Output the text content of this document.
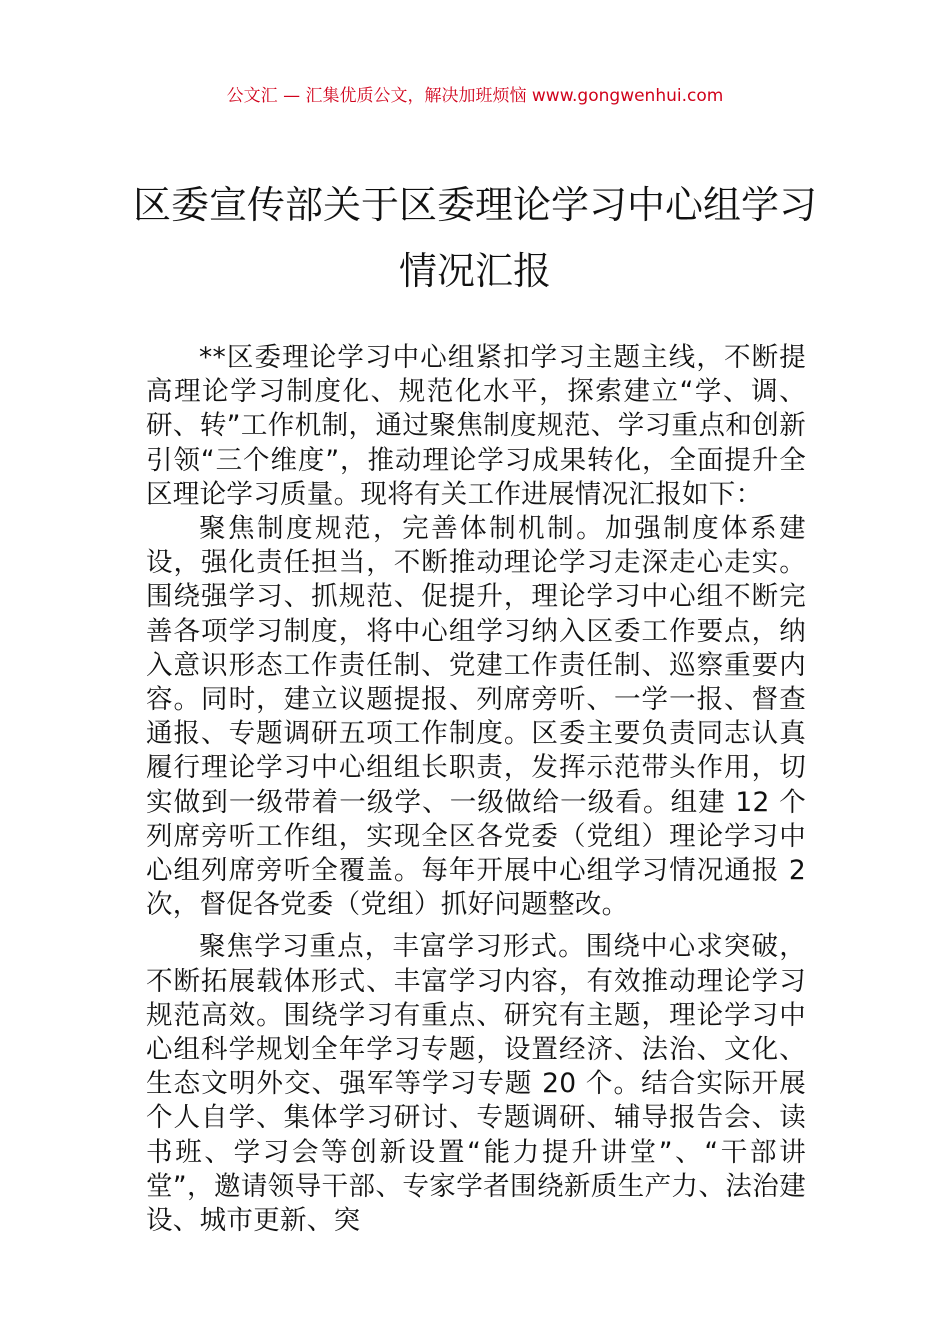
公文汇 — 汇集优质公文，解决加班烦恼 www.gongwenhui.com
区委宣传部关于区委理论学习中心组学习
情况汇报

**区委理论学习中心组紧扣学习主题主线，不断提高理论学习制度化、规范化水平，探索建立“学、调、研、转”工作机制，通过聚焦制度规范、学习重点和创新引领“三个维度”，推动理论学习成果转化，全面提升全区理论学习质量。现将有关工作进展情况汇报如下：

聚焦制度规范，完善体制机制。加强制度体系建设，强化责任担当，不断推动理论学习走深走心走实。围绕强学习、抓规范、促提升，理论学习中心组不断完善各项学习制度，将中心组学习纳入区委工作要点，纳入意识形态工作责任制、党建工作责任制、巡察重要内容。同时，建立议题提报、列席旁听、一学一报、督查通报、专题调研五项工作制度。区委主要负责同志认真履行理论学习中心组组长职责，发挥示范带头作用，切实做到一级带着一级学、一级做给一级看。组建 12 个列席旁听工作组，实现全区各党委（党组）理论学习中心组列席旁听全覆盖。每年开展中心组学习情况通报 2 次，督促各党委（党组）抓好问题整改。

聚焦学习重点，丰富学习形式。围绕中心求突破，不断拓展载体形式、丰富学习内容，有效推动理论学习规范高效。围绕学习有重点、研究有主题，理论学习中心组科学规划全年学习专题，设置经济、法治、文化、生态文明外交、强军等学习专题 20 个。结合实际开展个人自学、集体学习研讨、专题调研、辅导报告会、读书班、学习会等创新设置“能力提升讲堂”、“干部讲堂”，邀请领导干部、专家学者围绕新质生产力、法治建设、城市更新、突
